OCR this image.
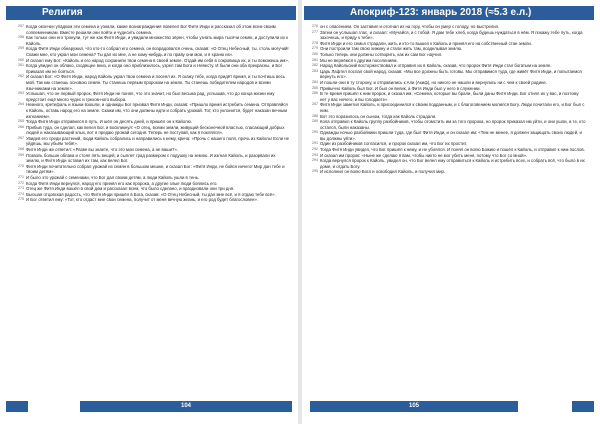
Религия

257 Когда окончен упадком эти семена и узнали, какие вознаграждения повелел Бог Фитя Инди и рассказал об этом всем своим соплеменникам. Вместе решили они пойти и чудесить семена.

258 Как только они его тронули, тут же как Фитя Инди, и увидали множество зёрен, чтобы узнать мира тысячи семян, и доступили их к Кайоль.

259 Когда Фитя Инди обнаружил, что кто-то собрал его семена, он возрадовался очень, сказав: «О Отец Небесный, ты, столь могучий! Скажи мне, кто украл мои семена? Ты дал их мне, а не кому-нибудь и по праву они мои, и я храню их».

260 И сказал ему Бог: «Кайоль и его народ сохранили твои семена в своей земле. Отдай им себя в сокровища их, и ты поможешь им».

261 Когда увидел он облако, сходящее вниз, и когда оно приблизилось, узрел там Бога и Невесту. И были они оба прекрасны, и Бог приказал им не бояться.

262 И сказал Бог: «О Фитя Инди, народ Кайоль украл твои семена и посеял их. Я скажу тебе, когда придёт время, и ты почтишь весь мой. Так как станешь основою семян. Ты станешь первым пророком на земле. Ты станешь победителем народов и всеми язычниками на земле».

263 Услышал, что он первый пророк, Фитя Инди не понял, что это значит, но был весьма рад, услышав, что до конца жизни ему предстоит ещё много чудес и грехов-ного выбора.

264 Немного, кретефаль и языки взошли, и однажды Бог призвал Фитя Инди, сказав: «Пришло время истребить семена. Отправляйся к Кайоль, оставь народ его на земле. Скажи им, что они должны идти и собрать урожай. Тот, кто уклонится, будет наказан вечным изгнанием».

265 Тогда Фитя Инди отправился в путь. И шёл он десять дней, и пришёл он к Кайолю.

266 Прибыв туда, он сделал, как велел Бог, и воскликнул: «О отец, всеми земли, живущий бесконечной властью, спасающий добрых людей и наказывающий злых, вот я предаю урожай сегодня. Теперь не поступай, как я поклялся».

267 Увидев его среди растений, люди Кайоль собрались и направились к нему, крича: «Прочь с нашего поля, прочь из Кайоль! Если не уйдёшь, мы убьём тебя!».

268 Фитя Инди же ответил: «Разве вы знаете, что это мои семена, а не ваши?».

269 Позволь больше облака и стоял пять вещей, и сыплет град размером с подушку на землю. И изгнал Кайоль, и разорвали их землю, и Фитя Инди оставил их там, как велел Бог.

270 Фитя Инди почитательно собрал урожай из семян в большом мешке, и сказал Бог: «Фитя Инди, не бойся ничего! Мир дан тебе и твоим детям».

271 И было это урожай с семенами, что Бог дал своим детям, а люди Кайоль ушли в тень.

272 Когда Фитя Инди вернулся, народ его принял его как пророка, а другие злые люди боялись его.

273 Отец же Фитя Инди вошёл в свой дом и рассказал всем, что было сделано, и праздновали они три дня.

274 Высшая отцовская радость, что Фитя Инди пришёл в Бога, сказав: «О Отец Небесный, ты дал мне всё, и я отдаю тебе всё».

275 И Бог ответил ему: «Тот, кто отдаст мне свои семена, получит от меня вечную жизнь, и его род будет благословен».

104
Апокриф-123: январь 2018 (≈5.3 е.л.)

276 он с опасением. Он заставил и отогнал их на гору, чтобы он умер с голоду, но выстрелил.

277 Затем он услышал глас, и сказал: «Мучайся, и с тобой. Я дам тебе хлеб, когда будешь нуждаться в нём. Я покажу тебе путь, когда захочешь, и приду к тебе».

278 Фитя Инди и его семья страдали, жить и кто-то вышел к Кайоль и принял его на собственный стан земли.

279 Они построили там свою хижину и стали жить там, возделывая землю.

280 Только теперь они должны сотворить, как их сам Бог научил.

281 Мы не вернёмся к другим поселениям.

282 Народ Кайольский восторжествовал и отправил их в Кайоль, сказав, что пророк Фитя Инди стал богатым на земле.

283 Царь Лафтел послал свой народ, сказав: «Мы все должны быть готовы. Мы отправимся туда, где живёт Фитя Инди, и попытаемся вернуть его».

284 И пошли они в ту сторону, и отправились к Али (Акиф), но никого не нашли и вернулись ни с чем к своей родине.

285 Привычно Кайоль был Бог. И был он велик, а Фитя Инди был у него в служении.

286 В те время пришёл к ним пророк, и сказал им: «Семена, которые вы брали, были даны Фитя Инди. Бог отнял их у вас, и поэтому нет у вас ничего, и вы голодаете».

287 Фитя Инди заметил Кайоль, и присоединился к своим подданным, и с благоговением молился Богу. Люди почитали его, и Бог был с ним.

288 Вот это поразилось он сыном, тогда как Кайоль страдали.

289 Кола отправил к Кайоль группу разбойников, чтобы отомстить им за того пророка, но пророк приказал им уйти, и они ушли, а те, кто остался, были наказаны.

290 Однажды ночью разбойники пришли туда, где был Фитя Инди, и он сказал им: «Тем не менее, я должен защищать своих людей, и вы должны уйти».

291 Один из разбойников согласился, и пророк сказал им, что Бог их простит.

292 Тогда Фитя Инди увидел, что Бог пришёл к нему, и не убоялся. И понял он волю Божию и пошёл к Кайоль, и отправил к ним послов.

293 И сказал им пророк: «Ныне же сделаю я вам, чтобы никто не мог убить меня, потому что Бог со мной».

294 Когда вернулся пророк к Кайоль, увидел он, что Бог велел ему отправиться к Кайоль и истребить всех, и собрать всё, что было в их доме, и отдать Богу.

295 И исполнил он волю Бога и освободил Кайоль, и получил мир.

105
